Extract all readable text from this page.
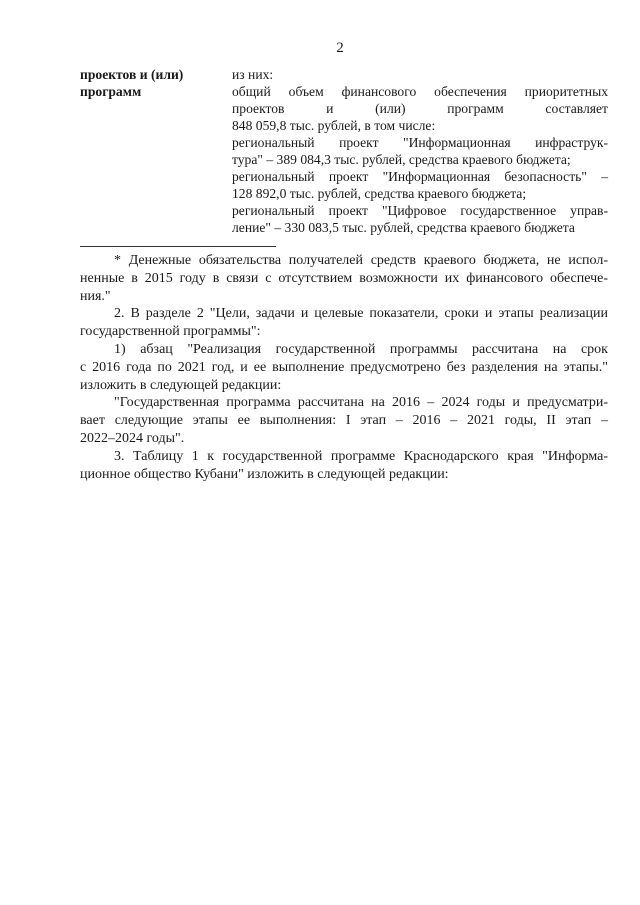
2
проектов и (или)
программ
из них:
общий объем финансового обеспечения приоритетных
проектов и (или) программ составляет
848 059,8 тыс. рублей, в том числе:
региональный проект "Информационная инфраструк-
тура" – 389 084,3 тыс. рублей, средства краевого бюджета;
региональный проект "Информационная безопасность" –
128 892,0 тыс. рублей, средства краевого бюджета;
региональный проект "Цифровое государственное управ-
ление" – 330 083,5 тыс. рублей, средства краевого бюджета
* Денежные обязательства получателей средств краевого бюджета, не испол-
ненные в 2015 году в связи с отсутствием возможности их финансового обеспече-
ния."
2. В разделе 2 "Цели, задачи и целевые показатели, сроки и этапы реализации
государственной программы":
1) абзац "Реализация государственной программы рассчитана на срок
с 2016 года по 2021 год, и ее выполнение предусмотрено без разделения на этапы."
изложить в следующей редакции:
"Государственная программа рассчитана на 2016 – 2024 годы и предусматри-
вает следующие этапы ее выполнения: I этап – 2016 – 2021 годы, II этап –
2022–2024 годы".
3. Таблицу 1 к государственной программе Краснодарского края "Информа-
ционное общество Кубани" изложить в следующей редакции:
